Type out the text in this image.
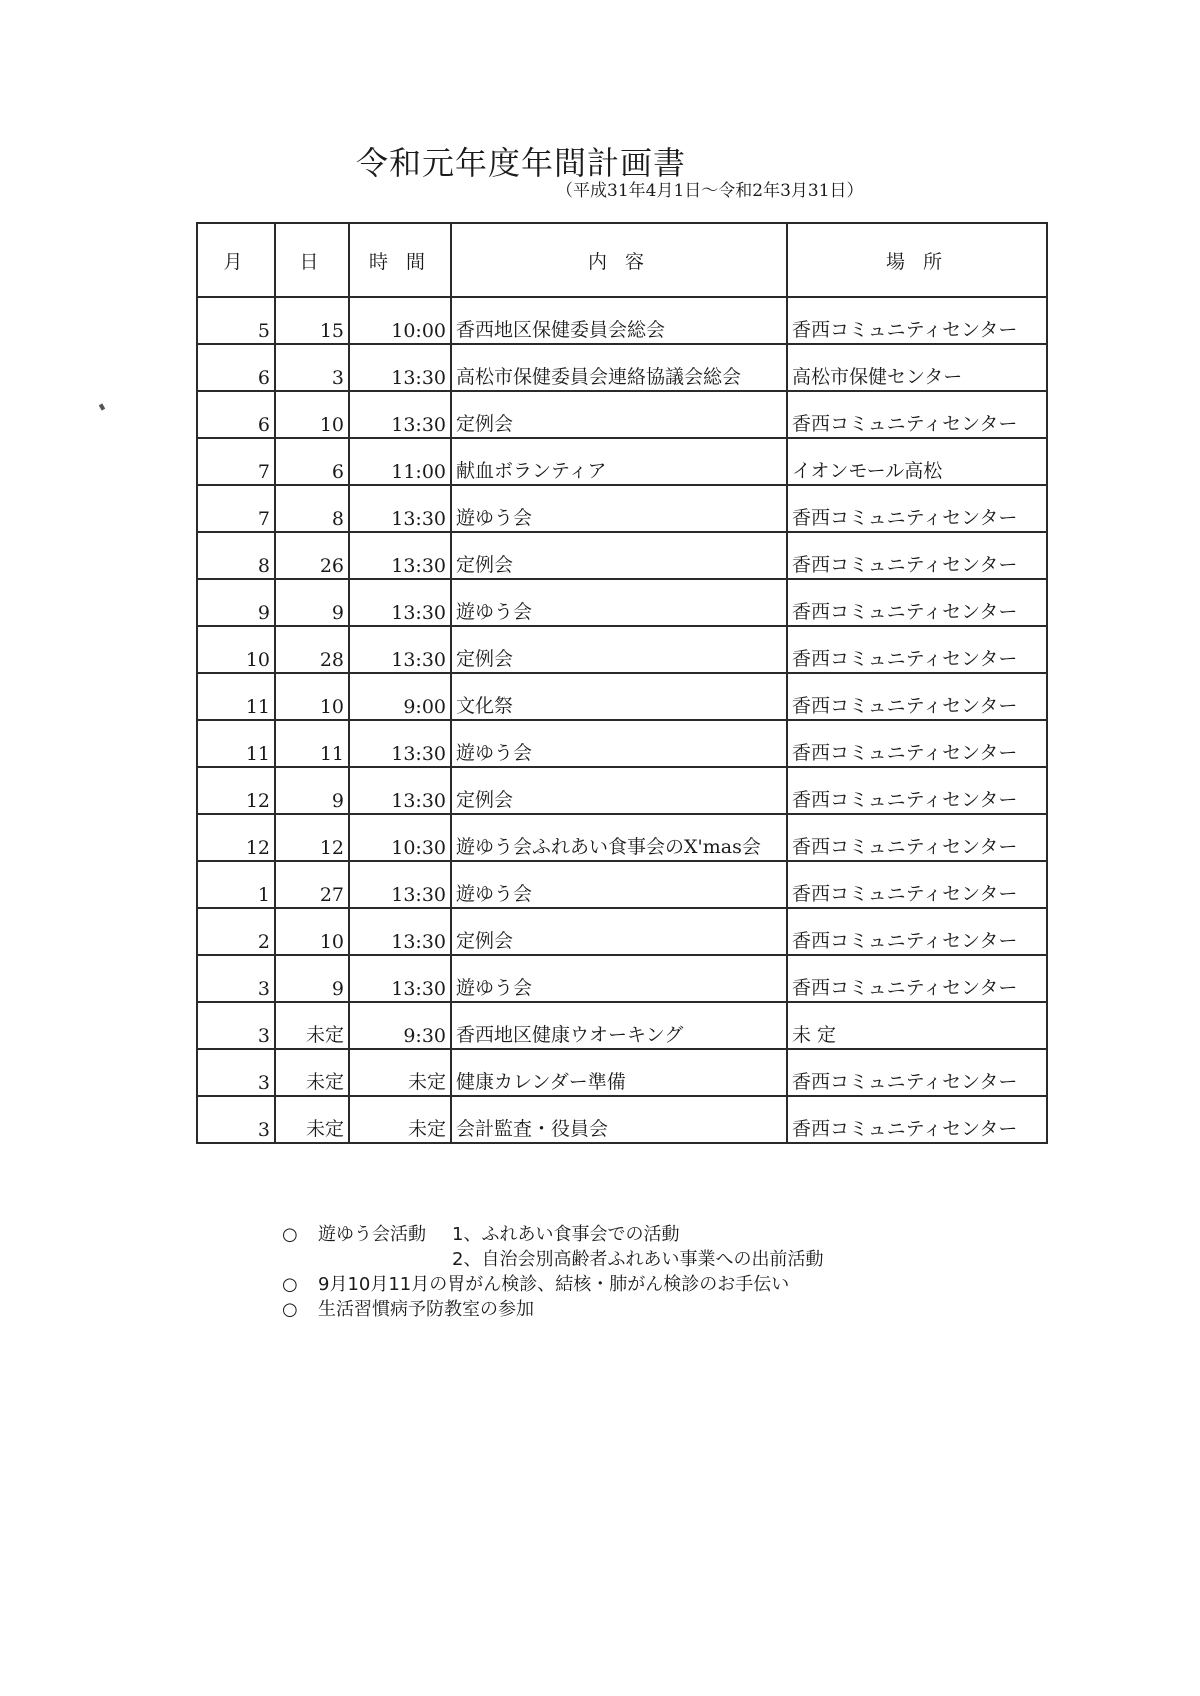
令和元年度年間計画書
（平成31年4月1日～令和2年3月31日）
月	日	時 間	内 容	場 所
5	15	10:00	香西地区保健委員会総会	香西コミュニティセンター
6	3	13:30	高松市保健委員会連絡協議会総会	高松市保健センター
6	10	13:30	定例会	香西コミュニティセンター
7	6	11:00	献血ボランティア	イオンモール高松
7	8	13:30	遊ゆう会	香西コミュニティセンター
8	26	13:30	定例会	香西コミュニティセンター
9	9	13:30	遊ゆう会	香西コミュニティセンター
10	28	13:30	定例会	香西コミュニティセンター
11	10	9:00	文化祭	香西コミュニティセンター
11	11	13:30	遊ゆう会	香西コミュニティセンター
12	9	13:30	定例会	香西コミュニティセンター
12	12	10:30	遊ゆう会ふれあい食事会のX'mas会	香西コミュニティセンター
1	27	13:30	遊ゆう会	香西コミュニティセンター
2	10	13:30	定例会	香西コミュニティセンター
3	9	13:30	遊ゆう会	香西コミュニティセンター
3	未定	9:30	香西地区健康ウオーキング	未 定
3	未定	未定	健康カレンダー準備	香西コミュニティセンター
3	未定	未定	会計監査・役員会	香西コミュニティセンター
○ 遊ゆう会活動 1、ふれあい食事会での活動
2、自治会別高齢者ふれあい事業への出前活動
○ 9月10月11月の胃がん検診、結核・肺がん検診のお手伝い
○ 生活習慣病予防教室の参加
